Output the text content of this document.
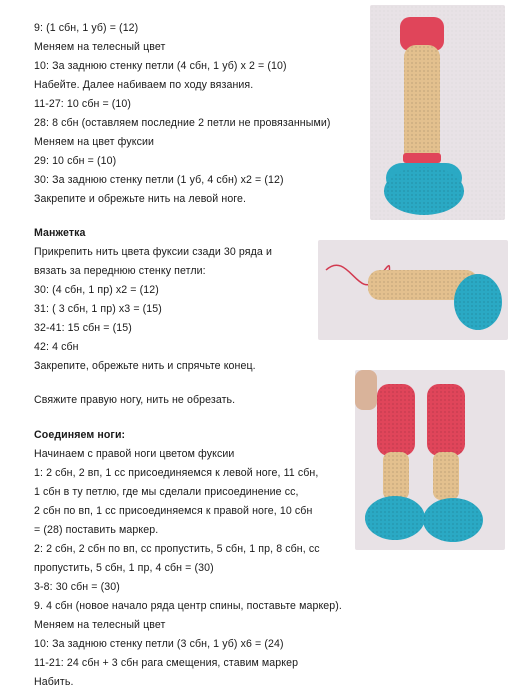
9: (1 сбн, 1 уб) = (12)
Меняем на телесный цвет
10: За заднюю стенку петли (4 сбн, 1 уб) х 2 = (10)
Набейте. Далее набиваем по ходу вязания.
11-27: 10 сбн = (10)
28: 8 сбн (оставляем последние 2 петли не провязанными)
Меняем на цвет фуксии
29: 10 сбн = (10)
30: За заднюю стенку петли (1 уб, 4 сбн) х2 = (12)
Закрепите и обрежьте нить на левой ноге.
Манжетка
Прикрепить нить цвета фуксии сзади 30 ряда и
вязать за переднюю стенку петли:
30: (4 сбн, 1 пр) х2 = (12)
31: ( 3 сбн, 1 пр) х3 = (15)
32-41: 15 сбн = (15)
42: 4 сбн
Закрепите, обрежьте нить и спрячьте конец.
Свяжите правую ногу, нить не обрезать.
Соединяем ноги:
Начинаем с правой ноги цветом фуксии
1: 2 сбн, 2 вп, 1 сс присоединяемся к левой ноге, 11 сбн,
1 сбн в ту петлю, где мы сделали присоединение сс,
2 сбн по вп, 1 сс присоединяемся к правой ноге, 10 сбн
= (28) поставить маркер.
2: 2 сбн, 2 сбн по вп, сс пропустить, 5 сбн, 1 пр, 8 сбн, сс
пропустить, 5 сбн, 1 пр, 4 сбн = (30)
3-8: 30 сбн = (30)
9. 4 сбн (новое начало ряда центр спины, поставьте маркер).
Меняем на телесный цвет
10: За заднюю стенку петли (3 сбн, 1 уб) х6 = (24)
11-21: 24 сбн + 3 сбн рага смещения, ставим маркер
Набить.
